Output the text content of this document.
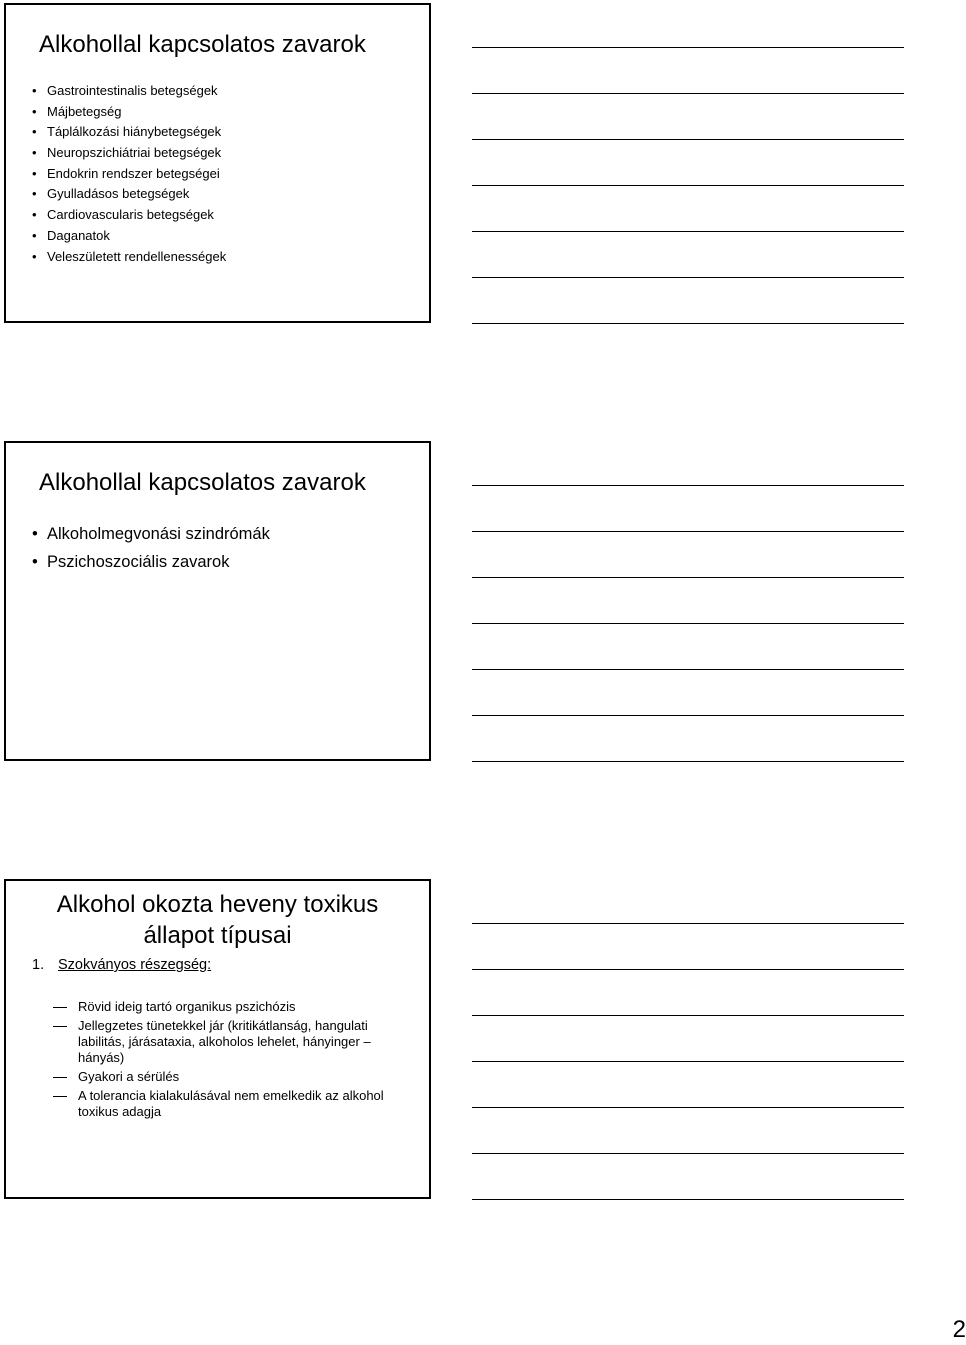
Alkohollal kapcsolatos zavarok
• Gastrointestinalis betegségek
• Májbetegség
• Táplálkozási hiánybetegségek
• Neuropszichiátriai betegségek
• Endokrin rendszer betegségei
• Gyulladásos betegségek
• Cardiovascularis betegségek
• Daganatok
• Veleszületett rendellenességek
Alkohollal kapcsolatos zavarok
• Alkoholmegvonási szindrómák
• Pszichoszociális zavarok
Alkohol okozta heveny toxikus
állapot típusai
1. Szokványos részegség:
Rövid ideig tartó organikus pszichózis
Jellegzetes tünetekkel jár (kritikátlanság, hangulati labilitás, járásataxia, alkoholos lehelet, hányinger – hányás)
Gyakori a sérülés
A tolerancia kialakulásával nem emelkedik az alkohol toxikus adagja
2
